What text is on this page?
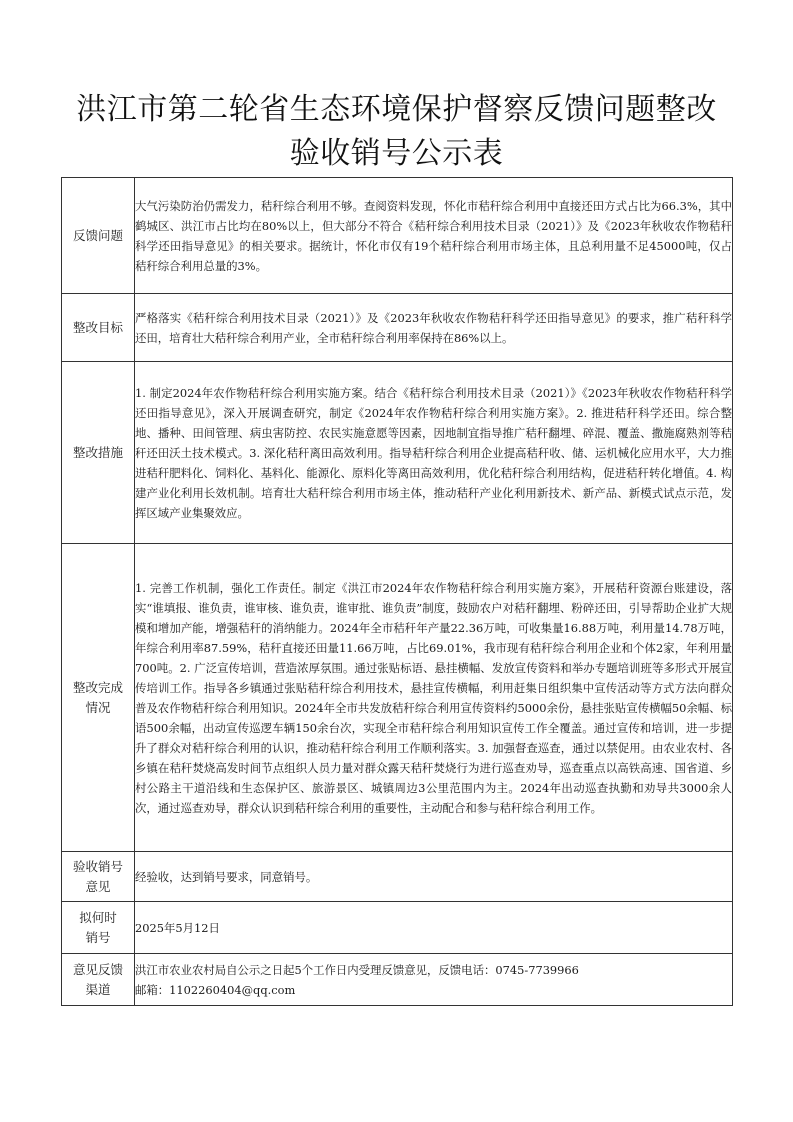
洪江市第二轮省生态环境保护督察反馈问题整改
验收销号公示表
反馈问题	大气污染防治仍需发力，秸秆综合利用不够。查阅资料发现，怀化市秸秆综合利用中直接还田方式占比为66.3%，其中鹤城区、洪江市占比均在80%以上，但大部分不符合《秸秆综合利用技术目录（2021）》及《2023年秋收农作物秸秆科学还田指导意见》的相关要求。据统计，怀化市仅有19个秸秆综合利用市场主体，且总利用量不足45000吨，仅占秸秆综合利用总量的3%。
整改目标	严格落实《秸秆综合利用技术目录（2021）》及《2023年秋收农作物秸秆科学还田指导意见》的要求，推广秸秆科学还田，培育壮大秸秆综合利用产业，全市秸秆综合利用率保持在86%以上。
整改措施	1. 制定2024年农作物秸秆综合利用实施方案。结合《秸秆综合利用技术目录（2021）》《2023年秋收农作物秸秆科学还田指导意见》，深入开展调查研究，制定《2024年农作物秸秆综合利用实施方案》。2. 推进秸秆科学还田。综合整地、播种、田间管理、病虫害防控、农民实施意愿等因素，因地制宜指导推广秸秆翻埋、碎混、覆盖、撒施腐熟剂等秸秆还田沃土技术模式。3. 深化秸秆离田高效利用。指导秸秆综合利用企业提高秸秆收、储、运机械化应用水平，大力推进秸秆肥料化、饲料化、基料化、能源化、原料化等离田高效利用，优化秸秆综合利用结构，促进秸秆转化增值。4. 构建产业化利用长效机制。培育壮大秸秆综合利用市场主体，推动秸秆产业化利用新技术、新产品、新模式试点示范，发挥区域产业集聚效应。

整改完成
情况	1. 完善工作机制，强化工作责任。制定《洪江市2024年农作物秸秆综合利用实施方案》，开展秸秆资源台账建设，落实“谁填报、谁负责，谁审核、谁负责，谁审批、谁负责”制度，鼓励农户对秸秆翻埋、粉碎还田，引导帮助企业扩大规模和增加产能，增强秸秆的消纳能力。2024年全市秸秆年产量22.36万吨，可收集量16.88万吨，利用量14.78万吨，年综合利用率87.59%，秸秆直接还田量11.66万吨，占比69.01%，我市现有秸秆综合利用企业和个体2家，年利用量700吨。2. 广泛宣传培训，营造浓厚氛围。通过张贴标语、悬挂横幅、发放宣传资料和举办专题培训班等多形式开展宣传培训工作。指导各乡镇通过张贴秸秆综合利用技术，悬挂宣传横幅，利用赶集日组织集中宣传活动等方式方法向群众普及农作物秸秆综合利用知识。2024年全市共发放秸秆综合利用宣传资料约5000余份，悬挂张贴宣传横幅50余幅、标语500余幅，出动宣传巡逻车辆150余台次，实现全市秸秆综合利用知识宣传工作全覆盖。通过宣传和培训，进一步提升了群众对秸秆综合利用的认识，推动秸秆综合利用工作顺利落实。3. 加强督查巡查，通过以禁促用。由农业农村、各乡镇在秸秆焚烧高发时间节点组织人员力量对群众露天秸秆焚烧行为进行巡查劝导，巡查重点以高铁高速、国省道、乡村公路主干道沿线和生态保护区、旅游景区、城镇周边3公里范围内为主。2024年出动巡查执勤和劝导共3000余人次，通过巡查劝导，群众认识到秸秆综合利用的重要性，主动配合和参与秸秆综合利用工作。

验收销号
意见	经验收，达到销号要求，同意销号。

拟何时
销号	2025年5月12日

意见反馈
渠道	洪江市农业农村局自公示之日起5个工作日内受理反馈意见，反馈电话：0745-7739966
邮箱：1102260404@qq.com
